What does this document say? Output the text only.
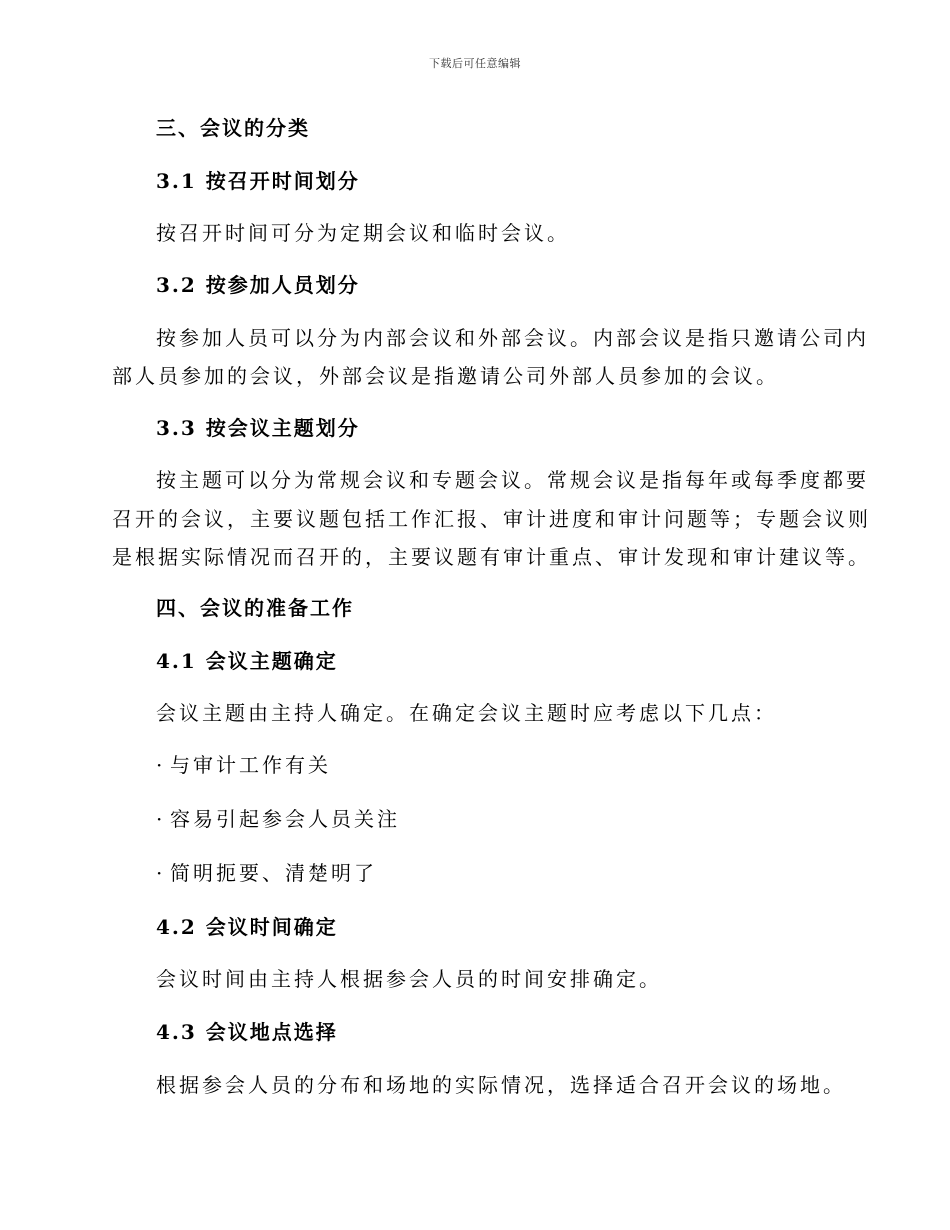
下载后可任意编辑
三、会议的分类
3.1 按召开时间划分
按召开时间可分为定期会议和临时会议。
3.2 按参加人员划分
按参加人员可以分为内部会议和外部会议。内部会议是指只邀请公司内
部人员参加的会议，外部会议是指邀请公司外部人员参加的会议。
3.3 按会议主题划分
按主题可以分为常规会议和专题会议。常规会议是指每年或每季度都要
召开的会议，主要议题包括工作汇报、审计进度和审计问题等；专题会议则
是根据实际情况而召开的，主要议题有审计重点、审计发现和审计建议等。
四、会议的准备工作
4.1 会议主题确定
会议主题由主持人确定。在确定会议主题时应考虑以下几点：
· 与审计工作有关
· 容易引起参会人员关注
· 简明扼要、清楚明了
4.2 会议时间确定
会议时间由主持人根据参会人员的时间安排确定。
4.3 会议地点选择
根据参会人员的分布和场地的实际情况，选择适合召开会议的场地。
